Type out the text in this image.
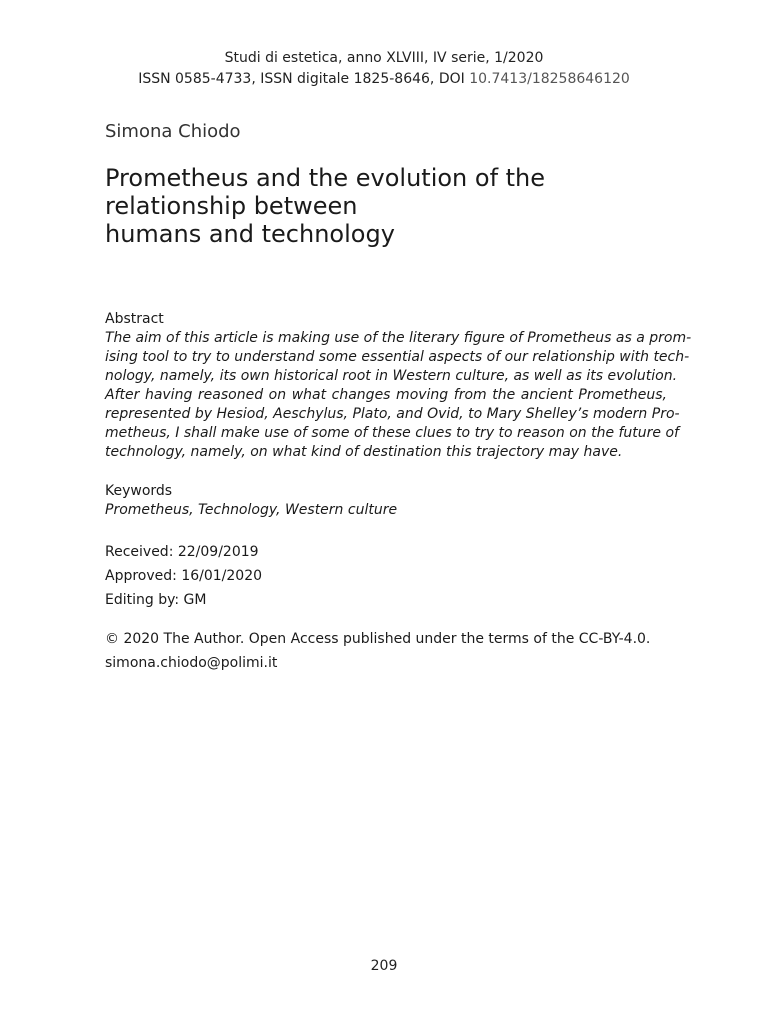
Studi di estetica, anno XLVIII, IV serie, 1/2020
ISSN 0585-4733, ISSN digitale 1825-8646, DOI 10.7413/18258646120
Simona Chiodo
Prometheus and the evolution of the
relationship between
humans and technology
Abstract
The aim of this article is making use of the literary figure of Prometheus as a prom-
ising tool to try to understand some essential aspects of our relationship with tech-
nology, namely, its own historical root in Western culture, as well as its evolution.
After having reasoned on what changes moving from the ancient Prometheus,
represented by Hesiod, Aeschylus, Plato, and Ovid, to Mary Shelley’s modern Pro-
metheus, I shall make use of some of these clues to try to reason on the future of
technology, namely, on what kind of destination this trajectory may have.
Keywords
Prometheus, Technology, Western culture
Received: 22/09/2019
Approved: 16/01/2020
Editing by: GM
© 2020 The Author. Open Access published under the terms of the CC-BY-4.0.
simona.chiodo@polimi.it
209
